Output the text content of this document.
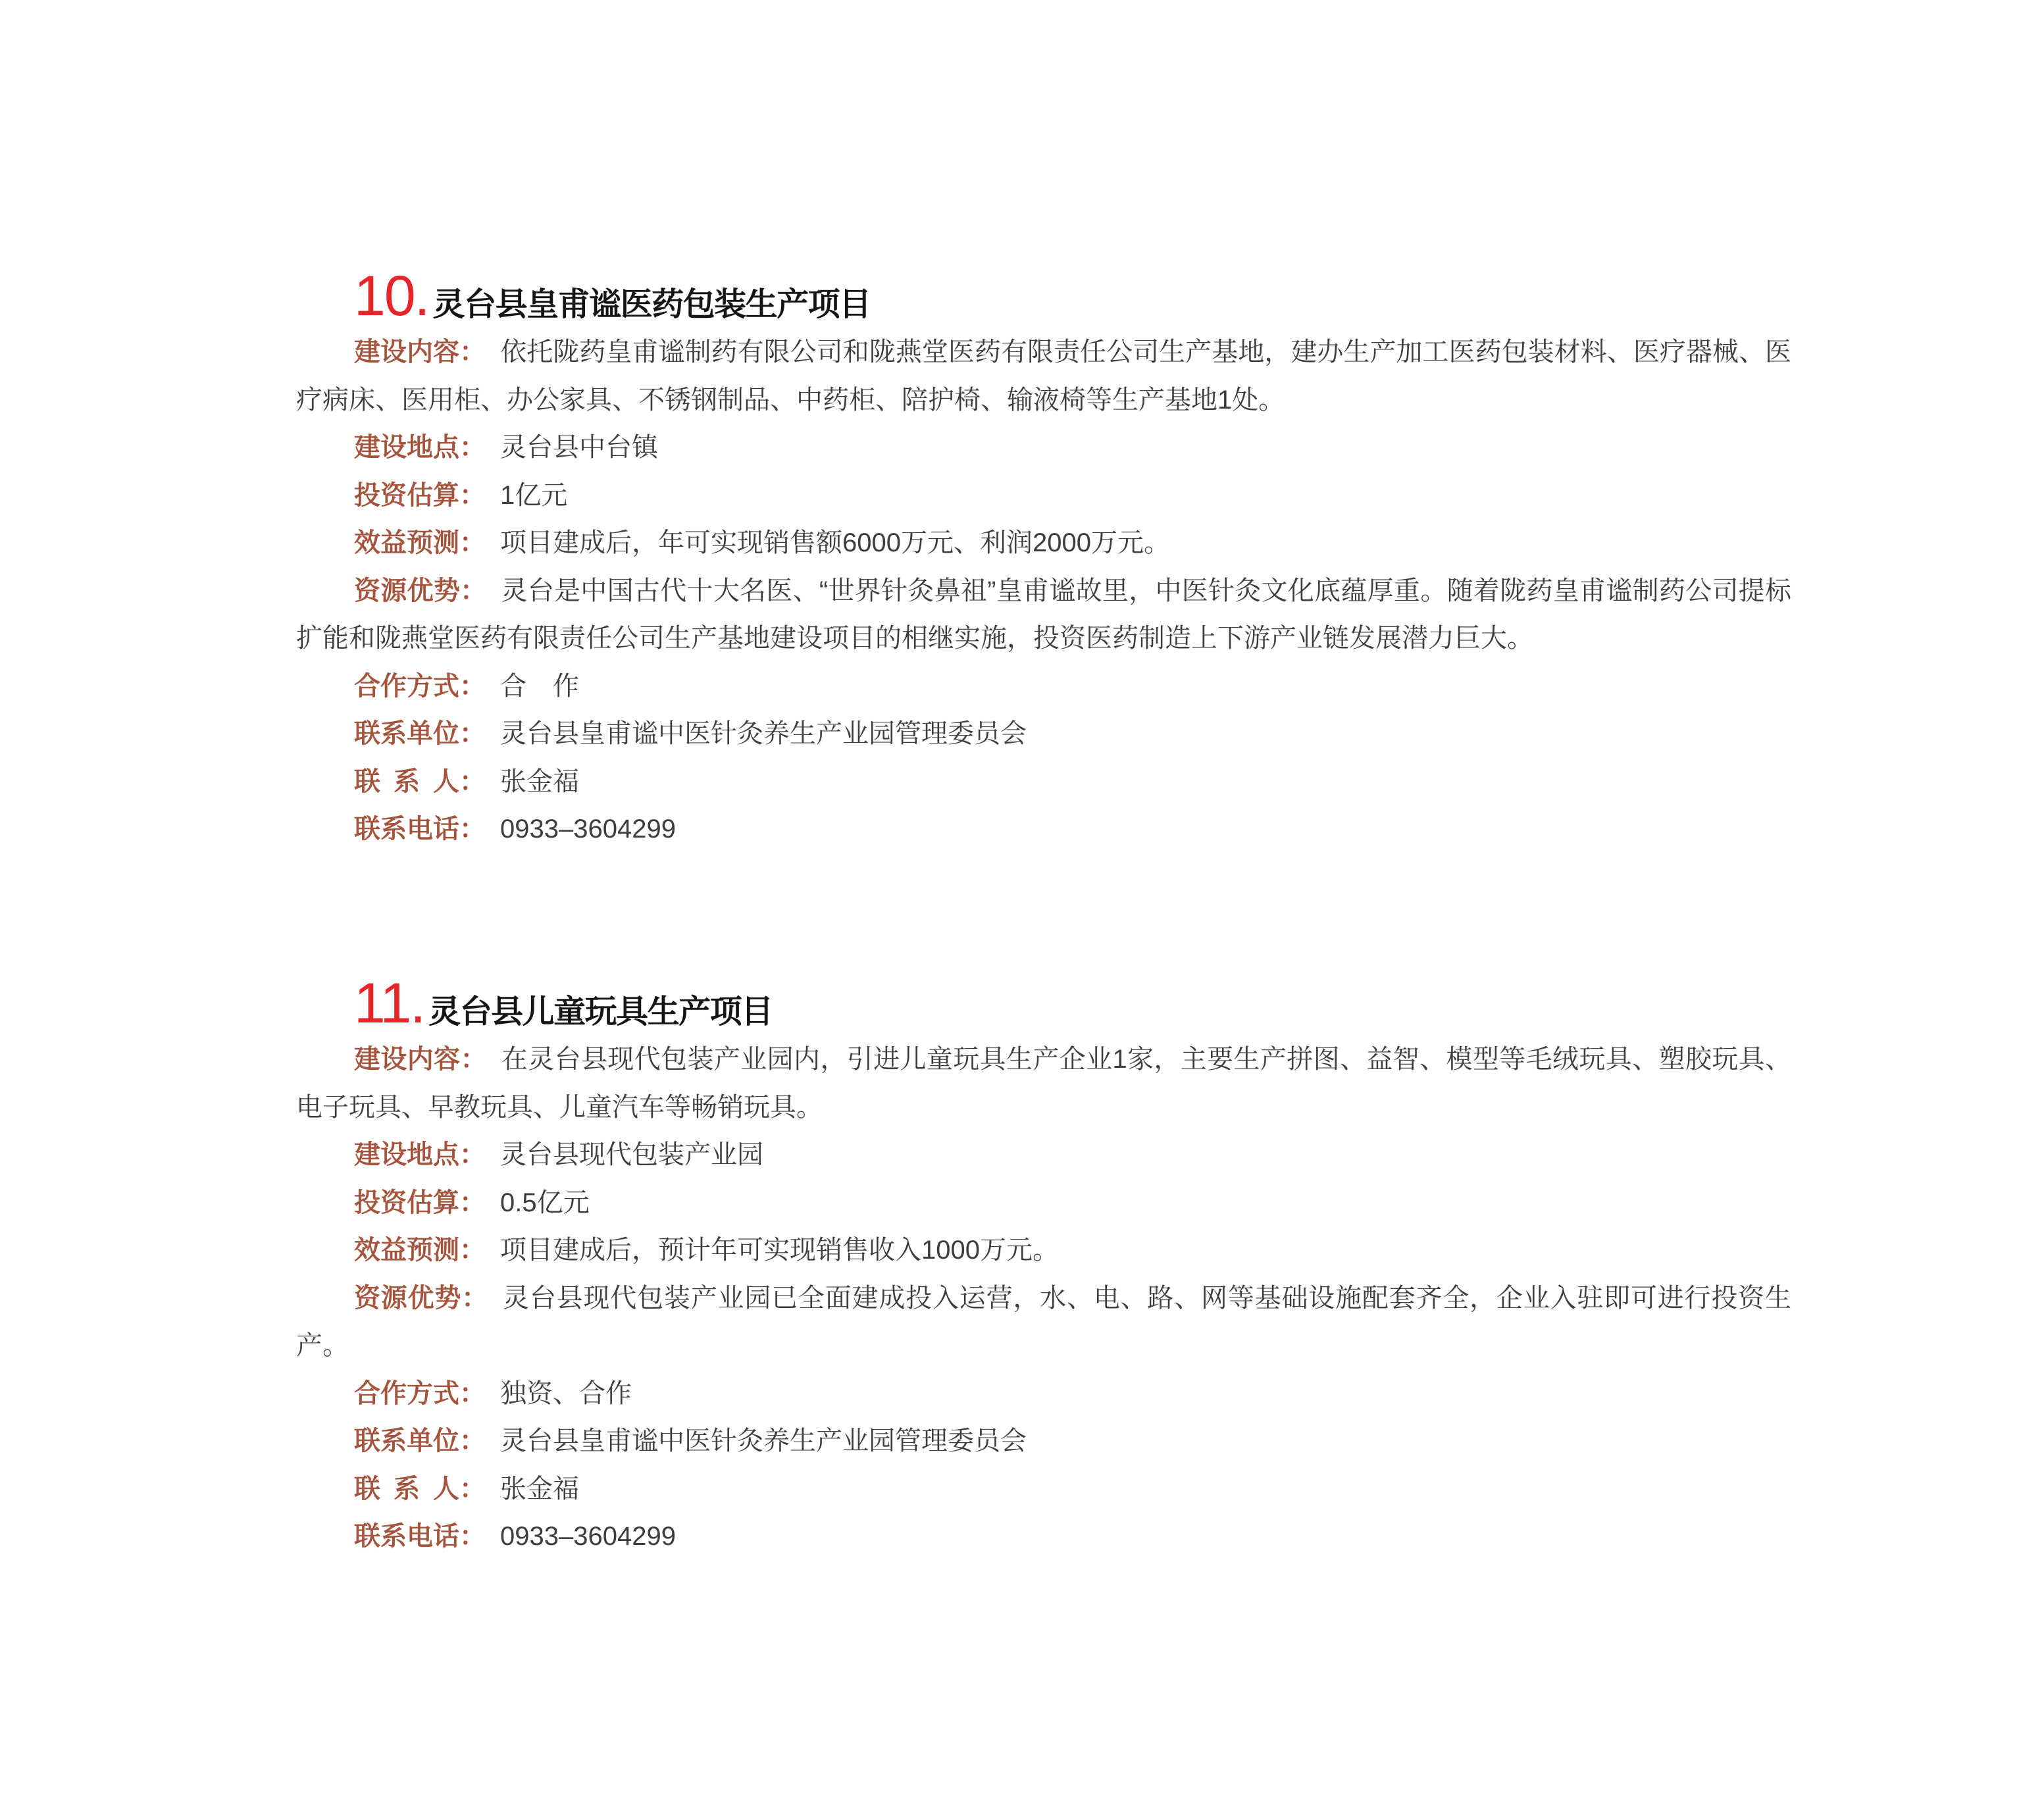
10. 灵台县皇甫谧医药包装生产项目

建设内容： 依托陇药皇甫谧制药有限公司和陇燕堂医药有限责任公司生产基地，建办生产加工医药包装材料、医疗器械、医疗病床、医用柜、办公家具、不锈钢制品、中药柜、陪护椅、输液椅等生产基地1处。

建设地点： 灵台县中台镇

投资估算： 1亿元

效益预测： 项目建成后，年可实现销售额6000万元、利润2000万元。

资源优势： 灵台是中国古代十大名医、“世界针灸鼻祖”皇甫谧故里，中医针灸文化底蕴厚重。随着陇药皇甫谧制药公司提标扩能和陇燕堂医药有限责任公司生产基地建设项目的相继实施，投资医药制造上下游产业链发展潜力巨大。

合作方式： 合　作

联系单位： 灵台县皇甫谧中医针灸养生产业园管理委员会

联 系 人： 张金福

联系电话： 0933–3604299

11. 灵台县儿童玩具生产项目

建设内容： 在灵台县现代包装产业园内，引进儿童玩具生产企业1家，主要生产拼图、益智、模型等毛绒玩具、塑胶玩具、电子玩具、早教玩具、儿童汽车等畅销玩具。

建设地点： 灵台县现代包装产业园

投资估算： 0.5亿元

效益预测： 项目建成后，预计年可实现销售收入1000万元。

资源优势： 灵台县现代包装产业园已全面建成投入运营，水、电、路、网等基础设施配套齐全，企业入驻即可进行投资生产。

合作方式： 独资、合作

联系单位： 灵台县皇甫谧中医针灸养生产业园管理委员会

联 系 人： 张金福

联系电话： 0933–3604299
